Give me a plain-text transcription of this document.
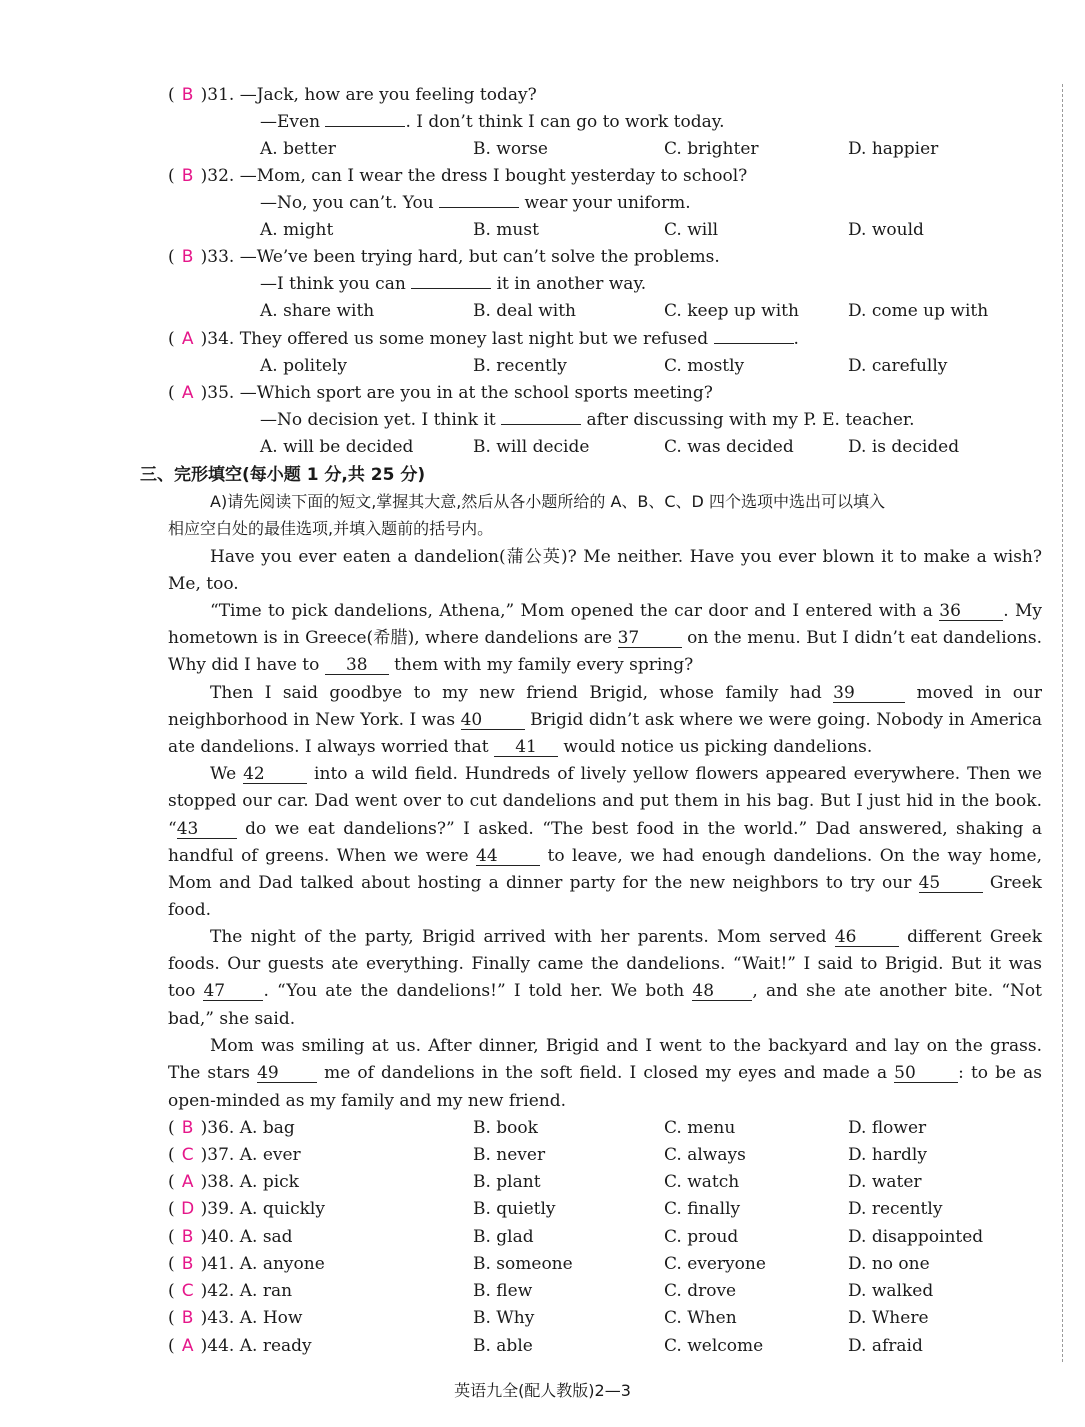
( B )31. —Jack, how are you feeling today?
—Even	. I don’t think I can go to work today.
A. better	B. worse	C. brighter	D. happier
( B )32. —Mom, can I wear the dress I bought yesterday to school?
—No, you can’t. You	wear your uniform.
A. might	B. must	C. will	D. would
( B )33. —We’ve been trying hard, but can’t solve the problems.
—I think you can	it in another way.
A. share with	B. deal with	C. keep up with	D. come up with
( A )34. They offered us some money last night but we refused	.
A. politely	B. recently	C. mostly	D. carefully
( A )35. —Which sport are you in at the school sports meeting?
—No decision yet. I think it	after discussing with my P. E. teacher.
A. will be decided	B. will decide	C. was decided	D. is decided
三、完形填空(每小题 1 分,共 25 分)
A)请先阅读下面的短文,掌握其大意,然后从各小题所给的 A、B、C、D 四个选项中选出可以填入
相应空白处的最佳选项,并填入题前的括号内。
Have you ever eaten a dandelion(蒲公英)? Me neither. Have you ever blown it to make a wish?
Me, too.
“Time to pick dandelions, Athena,” Mom opened the car door and I entered with a 36 . My
hometown is in Greece(希腊), where dandelions are 37 on the menu. But I didn’t eat dandelions.
Why did I have to 38 them with my family every spring?
Then I said goodbye to my new friend Brigid, whose family had 39	moved in our
neighborhood in New York. I was 40 Brigid didn’t ask where we were going. Nobody in America
ate dandelions. I always worried that 41 would notice us picking dandelions.
We 42 into a wild field. Hundreds of lively yellow flowers appeared everywhere. Then we
stopped our car. Dad went over to cut dandelions and put them in his bag. But I just hid in the book.
“43 do we eat dandelions?” I asked. “The best food in the world.” Dad answered, shaking a
handful of greens. When we were 44 to leave, we had enough dandelions. On the way home,
Mom and Dad talked about hosting a dinner party for the new neighbors to try our 45 Greek
food.
The night of the party, Brigid arrived with her parents. Mom served 46 different Greek
foods. Our guests ate everything. Finally came the dandelions. “Wait!” I said to Brigid. But it was
too 47 . “You ate the dandelions!” I told her. We both 48 , and she ate another bite. “Not
bad,” she said.
Mom was smiling at us. After dinner, Brigid and I went to the backyard and lay on the grass.
The stars 49 me of dandelions in the soft field. I closed my eyes and made a 50 : to be as
open-minded as my family and my new friend.
( B )36. A. bag	B. book	C. menu	D. flower
( C )37. A. ever	B. never	C. always	D. hardly
( A )38. A. pick	B. plant	C. watch	D. water
( D )39. A. quickly	B. quietly	C. finally	D. recently
( B )40. A. sad	B. glad	C. proud	D. disappointed
( B )41. A. anyone	B. someone	C. everyone	D. no one
( C )42. A. ran	B. flew	C. drove	D. walked
( B )43. A. How	B. Why	C. When	D. Where
( A )44. A. ready	B. able	C. welcome	D. afraid
英语九全(配人教版)2—3
